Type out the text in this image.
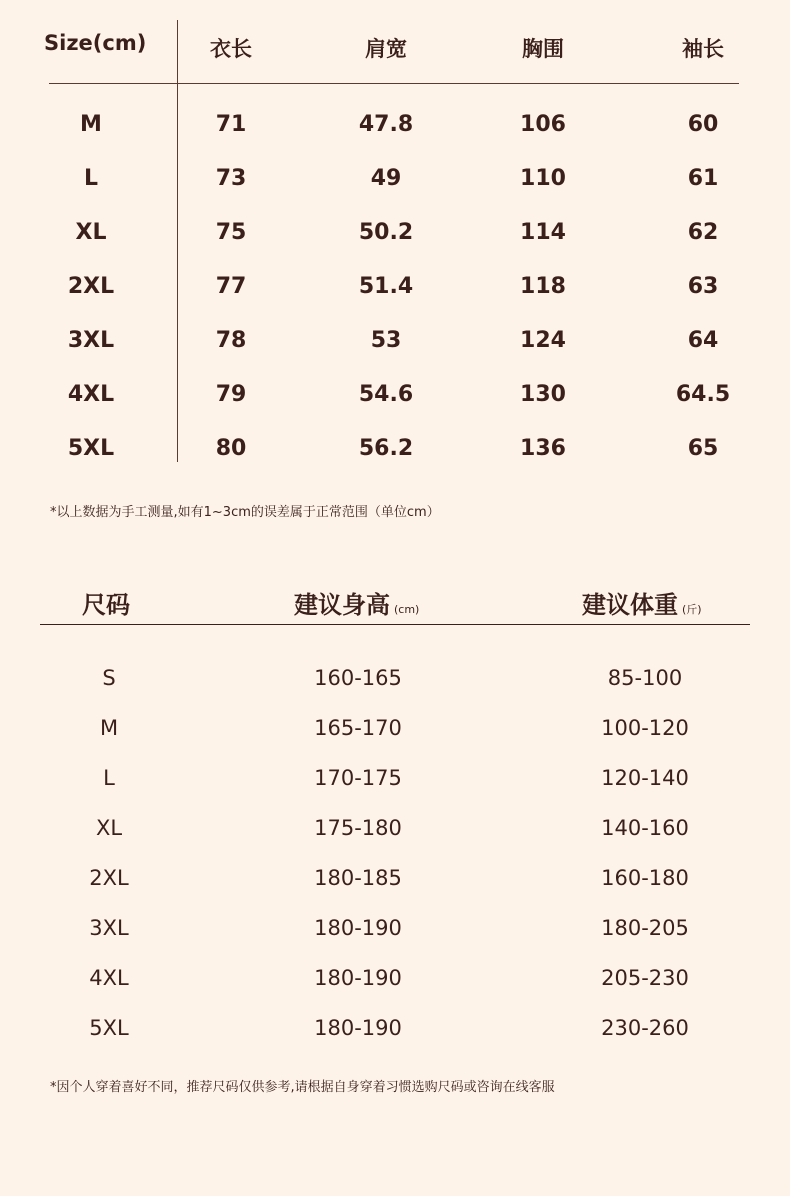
Size(cm)	衣长	肩宽	胸围	袖长
M	71	47.8	106	60
L	73	49	110	61
XL	75	50.2	114	62
2XL	77	51.4	118	63
3XL	78	53	124	64
4XL	79	54.6	130	64.5
5XL	80	56.2	136	65
*以上数据为手工测量,如有1~3cm的误差属于正常范围（单位cm）
尺码	建议身高 (cm)	建议体重 (斤)
S	160-165	85-100
M	165-170	100-120
L	170-175	120-140
XL	175-180	140-160
2XL	180-185	160-180
3XL	180-190	180-205
4XL	180-190	205-230
5XL	180-190	230-260
*因个人穿着喜好不同，推荐尺码仅供参考,请根据自身穿着习惯选购尺码或咨询在线客服
